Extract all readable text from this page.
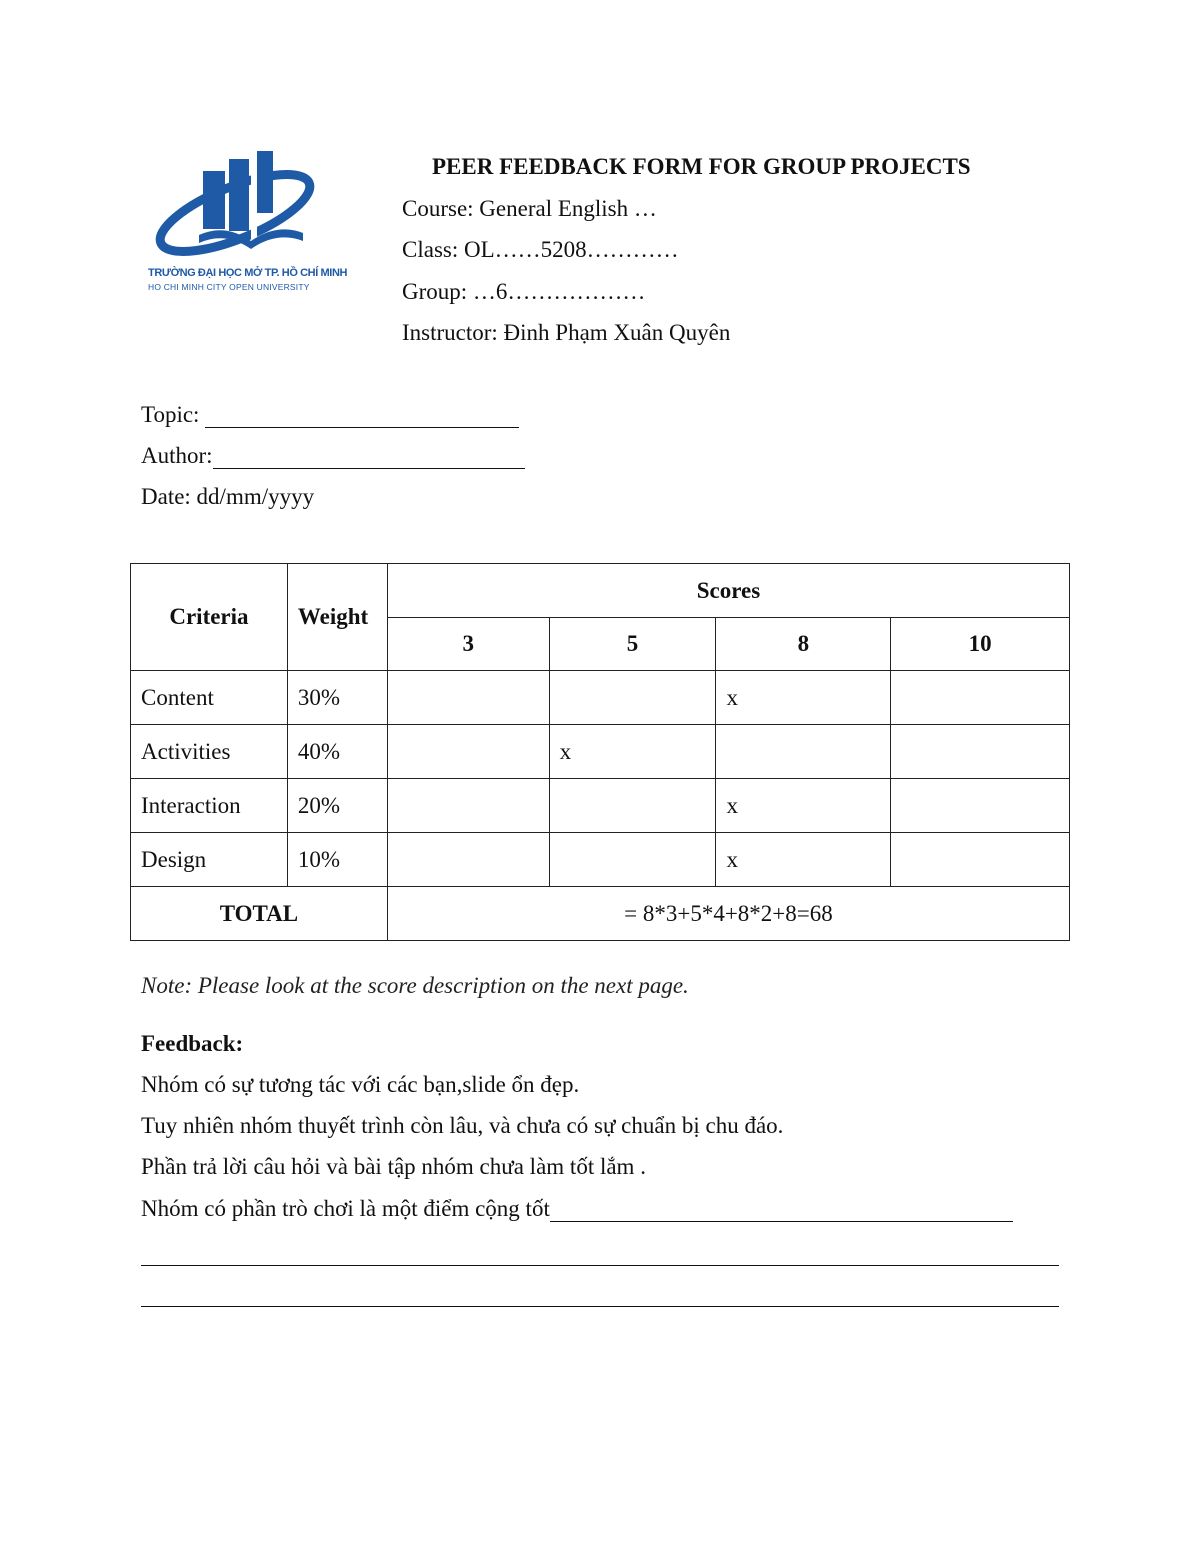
TRƯỜNG ĐẠI HỌC MỞ TP. HỒ CHÍ MINH
HO CHI MINH CITY OPEN UNIVERSITY
PEER FEEDBACK FORM FOR GROUP PROJECTS
Course: General English …
Class: OL……5208…………
Group: …6………………
Instructor: Đinh Phạm Xuân Quyên
Topic:
Author:
Date: dd/mm/yyyy
Criteria	Weight	Scores			
		3	5	8	10
Content	30%			x	
Activities	40%		x		
Interaction	20%			x	
Design	10%			x	
TOTAL		= 8*3+5*4+8*2+8=68			
Note: Please look at the score description on the next page.
Feedback:
Nhóm có sự tương tác với các bạn,slide ổn đẹp.
Tuy nhiên nhóm thuyết trình còn lâu, và chưa có sự chuẩn bị chu đáo.
Phần trả lời câu hỏi và bài tập nhóm chưa làm tốt lắm .
Nhóm có phần trò chơi là một điểm cộng tốt
